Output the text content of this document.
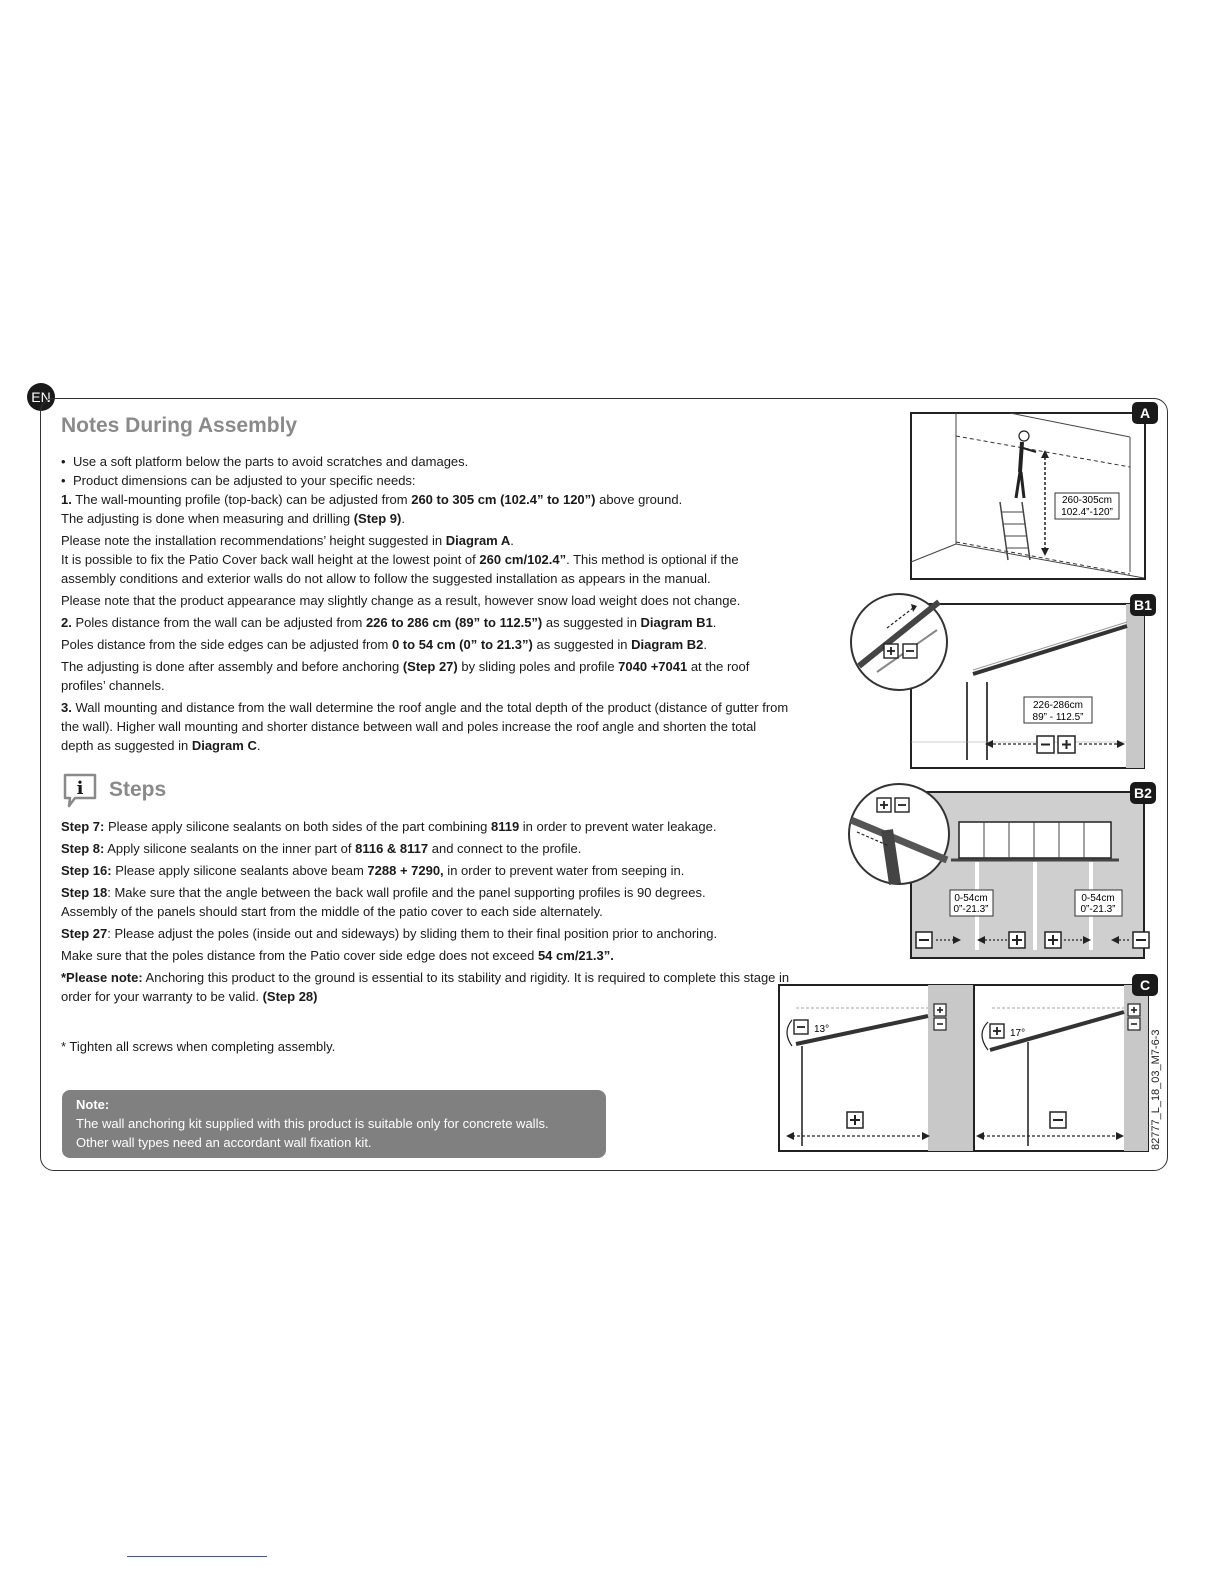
EN
Notes During Assembly
• Use a soft platform below the parts to avoid scratches and damages.
• Product dimensions can be adjusted to your specific needs:

1. The wall-mounting profile (top-back) can be adjusted from 260 to 305 cm (102.4” to 120”) above ground.

The adjusting is done when measuring and drilling (Step 9).

Please note the installation recommendations’ height suggested in Diagram A.

It is possible to fix the Patio Cover back wall height at the lowest point of 260 cm/102.4”. This method is optional if the assembly conditions and exterior walls do not allow to follow the suggested installation as appears in the manual.

Please note that the product appearance may slightly change as a result, however snow load weight does not change.

2. Poles distance from the wall can be adjusted from 226 to 286 cm (89” to 112.5”) as suggested in Diagram B1.

Poles distance from the side edges can be adjusted from 0 to 54 cm (0” to 21.3”) as suggested in Diagram B2.

The adjusting is done after assembly and before anchoring (Step 27) by sliding poles and profile 7040 +7041 at the roof profiles’ channels.

3. Wall mounting and distance from the wall determine the roof angle and the total depth of the product (distance of gutter from the wall). Higher wall mounting and shorter distance between wall and poles increase the roof angle and shorten the total depth as suggested in Diagram C.

i Steps

Step 7: Please apply silicone sealants on both sides of the part combining 8119 in order to prevent water leakage.

Step 8: Apply silicone sealants on the inner part of 8116 & 8117 and connect to the profile.

Step 16: Please apply silicone sealants above beam 7288 + 7290, in order to prevent water from seeping in.

Step 18: Make sure that the angle between the back wall profile and the panel supporting profiles is 90 degrees.
Assembly of the panels should start from the middle of the patio cover to each side alternately.

Step 27: Please adjust the poles (inside out and sideways) by sliding them to their final position prior to anchoring.

Make sure that the poles distance from the Patio cover side edge does not exceed 54 cm/21.3”.

*Please note: Anchoring this product to the ground is essential to its stability and rigidity. It is required to complete this stage in order for your warranty to be valid. (Step 28)

* Tighten all screws when completing assembly.
Note:
The wall anchoring kit supplied with this product is suitable only for concrete walls.
Other wall types need an accordant wall fixation kit.
260-305cm
102.4”-120”
A
226-286cm
89” - 112.5”
B1
0-54cm
0”-21.3”
0-54cm
0”-21.3”
B2
13°	17°
C
82777_L_18_03_M7-6-3
